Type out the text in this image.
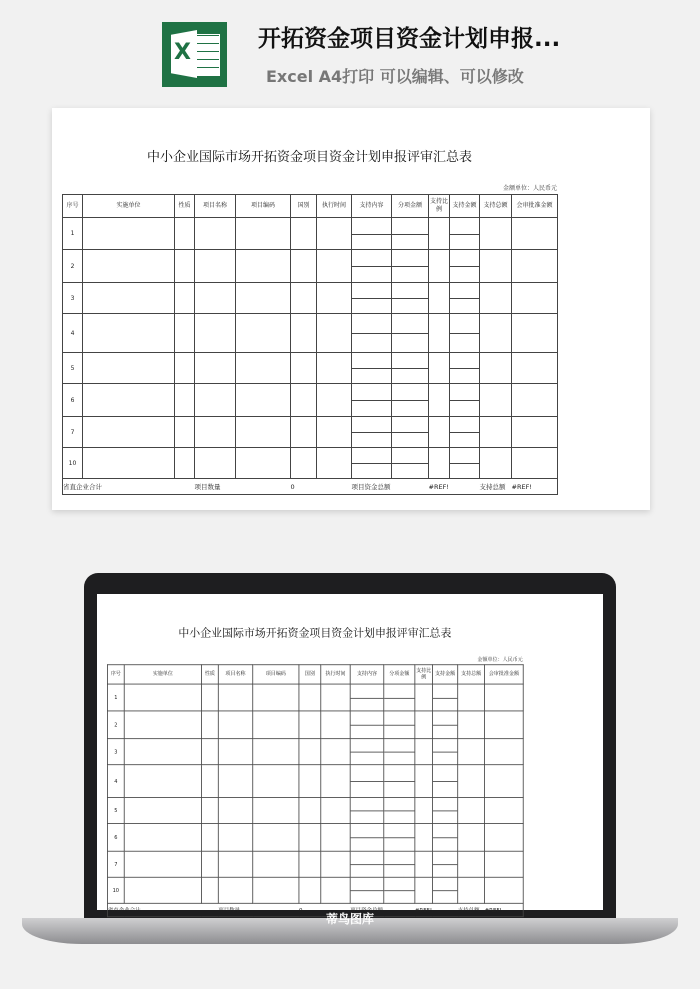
X
开拓资金项目资金计划申报...
Excel A4打印 可以编辑、可以修改
中小企业国际市场开拓资金项目资金计划申报评审汇总表
金额单位：人民币元
序号	实施单位	性质	项目名称	项目编码	国别	执行时间	支持内容	分项金额	支持比例	支持金额	支持总额	会审批准金额
1												
2												
3												
4												
5												
6												
7												
10												
省直企业合计			项目数量		0		项目资金总额		#REF!		支持总额	#REF!
中小企业国际市场开拓资金项目资金计划申报评审汇总表
金额单位：人民币元
序号	实施单位	性质	项目名称	项目编码	国别	执行时间	支持内容	分项金额	支持比例	支持金额	支持总额	会审批准金额
1												
2												
3												
4												
5												
6												
7												
10												
省直企业合计			项目数量		0		项目资金总额		#REF!		支持总额	#REF!
蒂鸟图库
